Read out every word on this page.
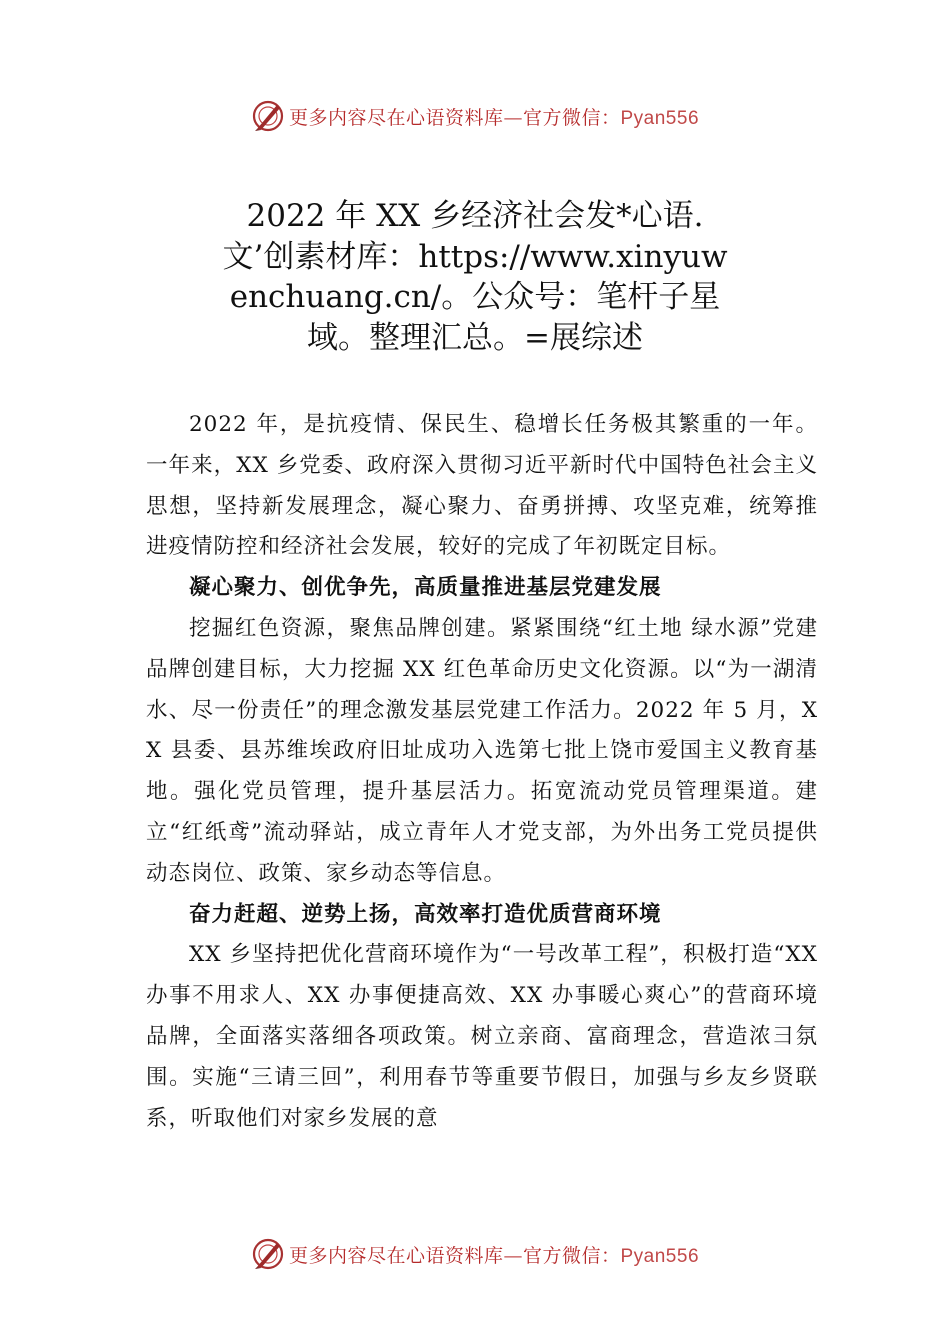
更多内容尽在心语资料库—官方微信：Pyan556
2022 年 XX 乡经济社会发*心语.文’创素材库：https://www.xinyuwenchuang.cn/。公众号：笔杆子星域。整理汇总。=展综述

2022 年，是抗疫情、保民生、稳增长任务极其繁重的一年。一年来，XX 乡党委、政府深入贯彻习近平新时代中国特色社会主义思想，坚持新发展理念，凝心聚力、奋勇拼搏、攻坚克难，统筹推进疫情防控和经济社会发展，较好的完成了年初既定目标。

凝心聚力、创优争先，高质量推进基层党建发展

挖掘红色资源，聚焦品牌创建。紧紧围绕“红土地 绿水源”党建品牌创建目标，大力挖掘 XX 红色革命历史文化资源。以“为一湖清水、尽一份责任”的理念激发基层党建工作活力。2022 年 5 月，XX 县委、县苏维埃政府旧址成功入选第七批上饶市爱国主义教育基地。强化党员管理，提升基层活力。拓宽流动党员管理渠道。建立“红纸鸢”流动驿站，成立青年人才党支部，为外出务工党员提供动态岗位、政策、家乡动态等信息。

奋力赶超、逆势上扬，高效率打造优质营商环境

XX 乡坚持把优化营商环境作为“一号改革工程”，积极打造“XX 办事不用求人、XX 办事便捷高效、XX 办事暖心爽心”的营商环境品牌，全面落实落细各项政策。树立亲商、富商理念，营造浓彐氛围。实施“三请三回”，利用春节等重要节假日，加强与乡友乡贤联系，听取他们对家乡发展的意

更多内容尽在心语资料库—官方微信：Pyan556
